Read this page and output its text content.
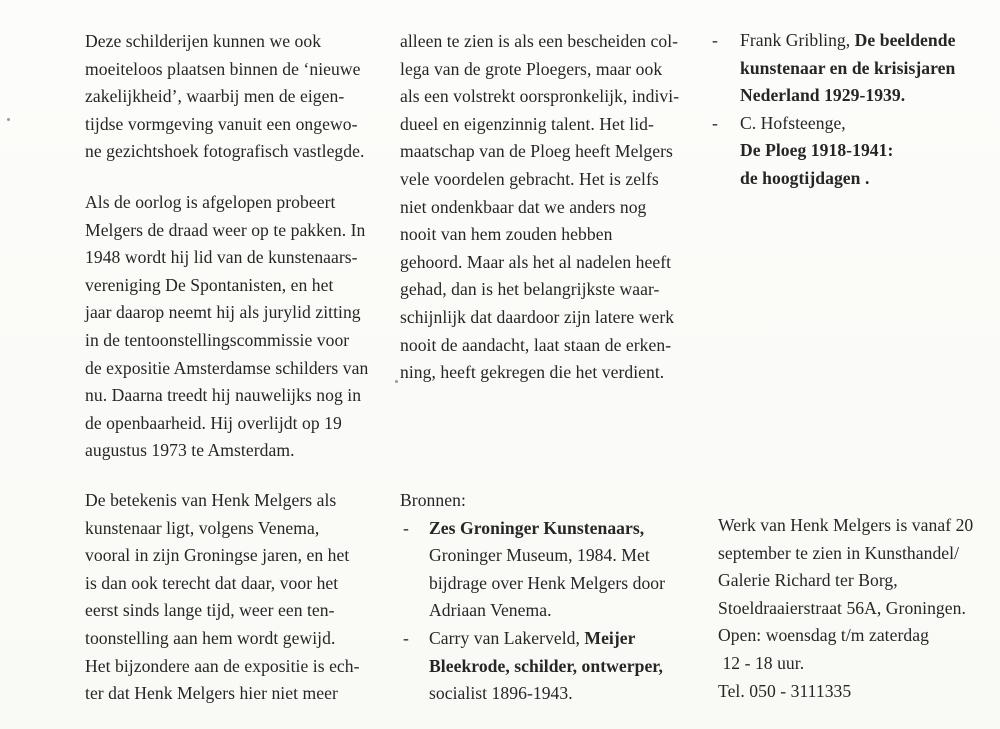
Deze schilderijen kunnen we ook
moeiteloos plaatsen binnen de ‘nieuwe
zakelijkheid’, waarbij men de eigen-
tijdse vormgeving vanuit een ongewo-
ne gezichtshoek fotografisch vastlegde.
Als de oorlog is afgelopen probeert
Melgers de draad weer op te pakken. In
1948 wordt hij lid van de kunstenaars-
vereniging De Spontanisten, en het
jaar daarop neemt hij als jurylid zitting
in de tentoonstellingscommissie voor
de expositie Amsterdamse schilders van
nu. Daarna treedt hij nauwelijks nog in
de openbaarheid. Hij overlijdt op 19
augustus 1973 te Amsterdam.
De betekenis van Henk Melgers als
kunstenaar ligt, volgens Venema,
vooral in zijn Groningse jaren, en het
is dan ook terecht dat daar, voor het
eerst sinds lange tijd, weer een ten-
toonstelling aan hem wordt gewijd.
Het bijzondere aan de expositie is ech-
ter dat Henk Melgers hier niet meer
alleen te zien is als een bescheiden col-
lega van de grote Ploegers, maar ook
als een volstrekt oorspronkelijk, indivi-
dueel en eigenzinnig talent. Het lid-
maatschap van de Ploeg heeft Melgers
vele voordelen gebracht. Het is zelfs
niet ondenkbaar dat we anders nog
nooit van hem zouden hebben
gehoord. Maar als het al nadelen heeft
gehad, dan is het belangrijkste waar-
schijnlijk dat daardoor zijn latere werk
nooit de aandacht, laat staan de erken-
ning, heeft gekregen die het verdient.
Bronnen:
- Zes Groninger Kunstenaars,
Groninger Museum, 1984. Met
bijdrage over Henk Melgers door
Adriaan Venema.
- Carry van Lakerveld, Meijer
Bleekrode, schilder, ontwerper,
socialist 1896-1943.
-	Frank Gribling, De beeldende
kunstenaar en de krisisjaren
Nederland 1929-1939.
-	C. Hofsteenge,
De Ploeg 1918-1941:
de hoogtijdagen .
Werk van Henk Melgers is vanaf 20
september te zien in Kunsthandel/
Galerie Richard ter Borg,
Stoeldraaierstraat 56A, Groningen.
Open: woensdag t/m zaterdag
12 - 18 uur.
Tel. 050 - 3111335
